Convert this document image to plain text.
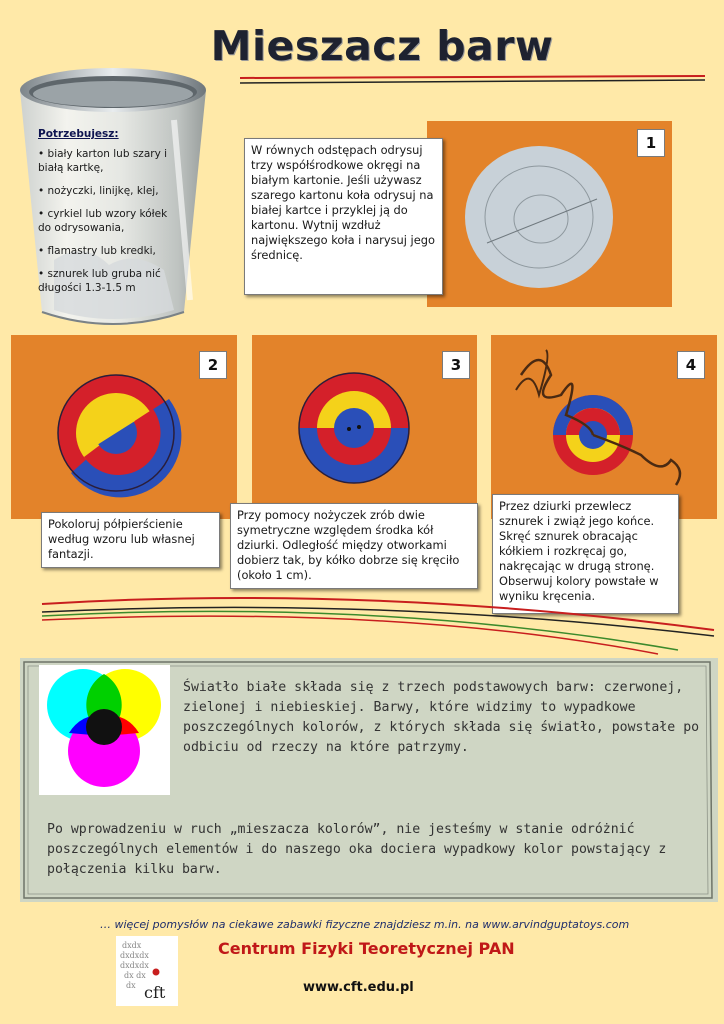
Mieszacz barw
Potrzebujesz:
• biały karton lub szary i białą kartkę,
• nożyczki, linijkę, klej,
• cyrkiel lub wzory kółek do odrysowania,
• flamastry lub kredki,
• sznurek lub gruba nić długości 1.3-1.5 m
1
W równych odstępach odrysuj trzy współśrodkowe okręgi na białym kartonie. Jeśli używasz szarego kartonu koła odrysuj na białej kartce i przyklej ją do kartonu. Wytnij wzdłuż największego koła i narysuj jego średnicę.
2
Pokoloruj półpierścienie według wzoru lub własnej fantazji.
3
Przy pomocy nożyczek zrób dwie symetryczne względem środka kół dziurki. Odległość między otworkami dobierz tak, by kółko dobrze się kręciło (około 1 cm).
4
Przez dziurki przewlecz sznurek i zwiąż jego końce. Skręć sznurek obracając kółkiem i rozkręcaj go, nakręcając w drugą stronę. Obserwuj kolory powstałe w wyniku kręcenia.
Światło białe składa się z trzech podstawowych barw: czerwonej, zielonej i niebieskiej. Barwy, które widzimy to wypadkowe poszczególnych kolorów, z których składa się światło, powstałe po odbiciu od rzeczy na które patrzymy.
Po wprowadzeniu w ruch „mieszacza kolorów”, nie jesteśmy w stanie odróżnić poszczególnych elementów i do naszego oka dociera wypadkowy kolor powstający z połączenia kilku barw.
… więcej pomysłów na ciekawe zabawki fizyczne znajdziesz m.in. na www.arvindguptatoys.com
dxdx
dxdxdx
dxdxdx
dx dx
dx cft
Centrum Fizyki Teoretycznej PAN
www.cft.edu.pl
